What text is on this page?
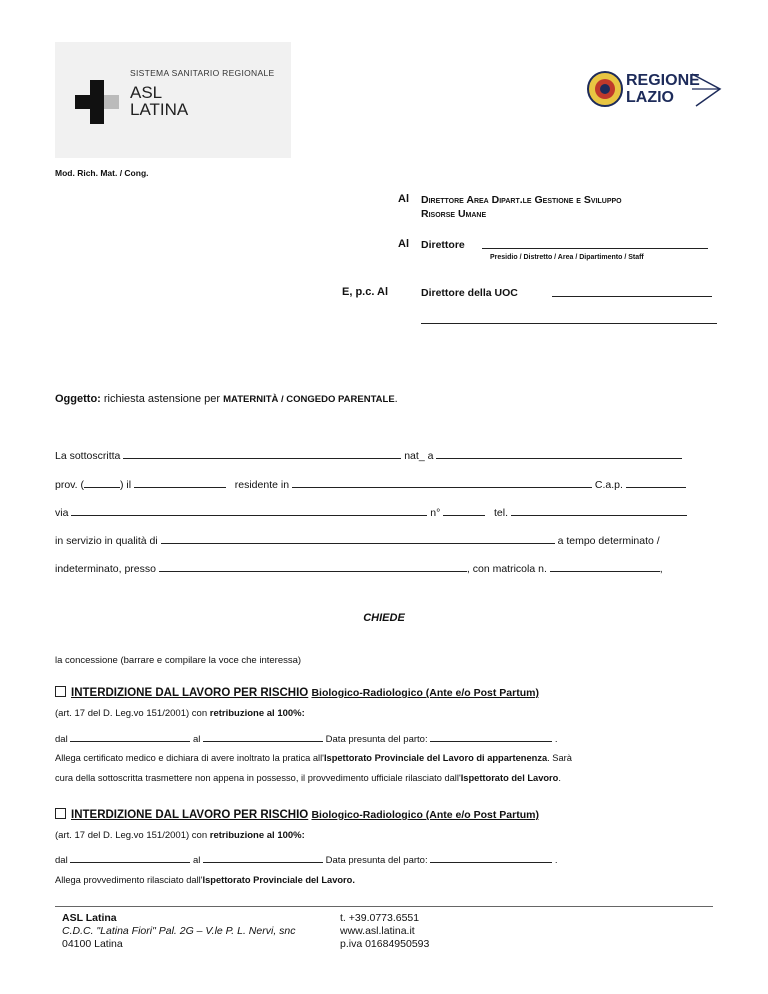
SISTEMA SANITARIO REGIONALE
ASL
LATINA
Mod. Rich. Mat. / Cong.
REGIONE
LAZIO
Al Direttore Area Dipart.le Gestione e Sviluppo
Risorse Umane
Al Direttore
Presidio / Distretto / Area / Dipartimento / Staff
E, p.c. Al	Direttore della UOC
Oggetto: richiesta astensione per MATERNITÀ / CONGEDO PARENTALE.
La sottoscritta	nat_ a
prov. (	) il	residente in	C.a.p.
via	n°	tel.
in servizio in qualità di	a tempo determinato /
indeterminato, presso	, con matricola n.	,
CHIEDE
la concessione (barrare e compilare la voce che interessa)
INTERDIZIONE DAL LAVORO PER RISCHIO Biologico-Radiologico (Ante e/o Post Partum)
(art. 17 del D. Leg.vo 151/2001) con retribuzione al 100%:
dal	al	Data presunta del parto:	.
Allega certificato medico e dichiara di avere inoltrato la pratica all'Ispettorato Provinciale del Lavoro di appartenenza. Sarà
cura della sottoscritta trasmettere non appena in possesso, il provvedimento ufficiale rilasciato dall'Ispettorato del Lavoro.
INTERDIZIONE DAL LAVORO PER RISCHIO Biologico-Radiologico (Ante e/o Post Partum)
(art. 17 del D. Leg.vo 151/2001) con retribuzione al 100%:
dal	al	Data presunta del parto:	.
Allega provvedimento rilasciato dall'Ispettorato Provinciale del Lavoro.
ASL Latina
C.D.C. "Latina Fiori" Pal. 2G – V.le P. L. Nervi, snc
04100 Latina
t. +39.0773.6551
www.asl.latina.it
p.iva 01684950593
